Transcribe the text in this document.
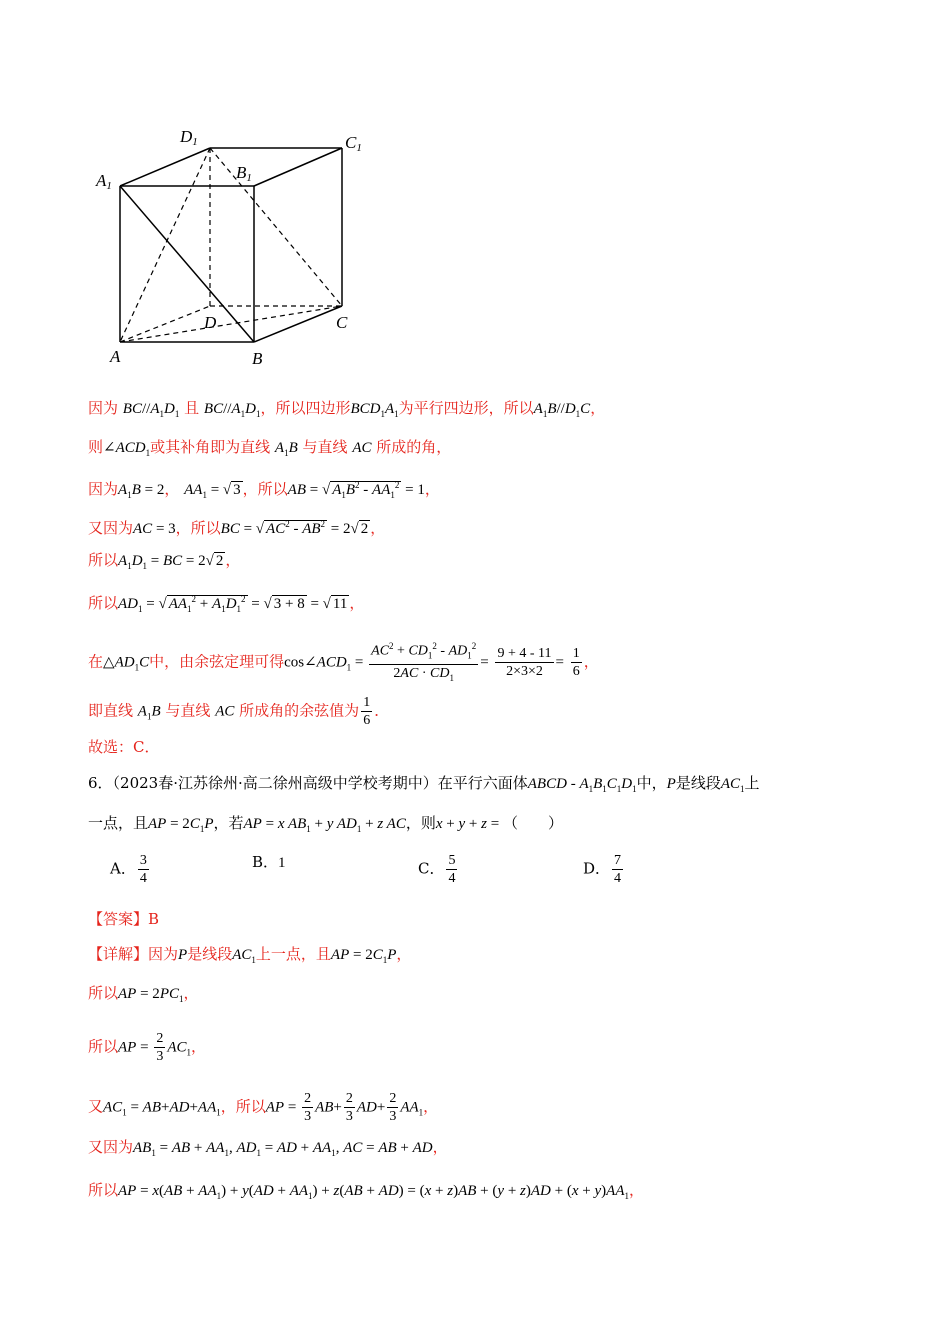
D1	C1
A1
B1
D	C
A	B
因为 $BC//A_1D_1$ 且 $BC//A_1D_1$，所以四边形$BCD_1A_1$为平行四边形，所以$A_1B//D_1C$，
则$\angle ACD_1$或其补角即为直线 $A_1B$ 与直线 AC 所成的角，
因为$A_1B = 2$， $AA_1$ = √ 3 ，所以AB = √ $A_1B^2 - AA_1^2 = 1$，
又因为AC = 3，所以BC = √ $AC^2 - AB^2 = 2√$ 2 ，
所以$A_1D_1$ = BC = 2√ 2 ，
所以$AD_1$ = √ $AA_1^2 + A_1D_1^2$ = √ 3 + 8 = √ 11 ，
在$\triangle AD_1C$中，由余弦定理可得$\cos\angle ACD_1 = \frac{AC^2 + CD_1^2 - AD_1^2}{2AC \cdot CD_1} = \frac{9 + 4 - 11}{2\times 3\times 2} = \frac{1}{6}$ ，
即直线 $A_1B$ 与直线 AC 所成角的余弦值为 $\frac{1}{6}$ ．
故选：C．
6．（2023春·江苏徐州·高二徐州高级中学校考期中）在平行六面体ABCD - $A_1B_1C_1D_1$中，P是线段$AC_1$上
一点，且AP = $2C_1P$，若AP = x $AB_1 + y$ $AD_1 + z$ AC，则x + y + z = （　　）
A． $\frac{3}{4}$	B．1	C． $\frac{5}{4}$	D． $\frac{7}{4}$
【答案】B
【详解】因为P是线段$AC_1$上一点，且AP = $2C_1P$，
所以AP = $2PC_1$，
所以AP = $\frac{2}{3} AC_1$，
又$AC_1 = AB+AD+AA_1$，所以AP = $\frac{2}{3} AB+ \frac{2}{3} AD+ \frac{2}{3} AA_1$，
又因为$AB_1$ = AB + $AA_1$, $AD_1$ = AD + $AA_1$, AC = AB + AD，
所以AP = $x(AB + AA_1) + y(AD + AA_1) + z(AB + AD) = (x + z)AB + (y + z)AD + (x + y)AA_1$，
